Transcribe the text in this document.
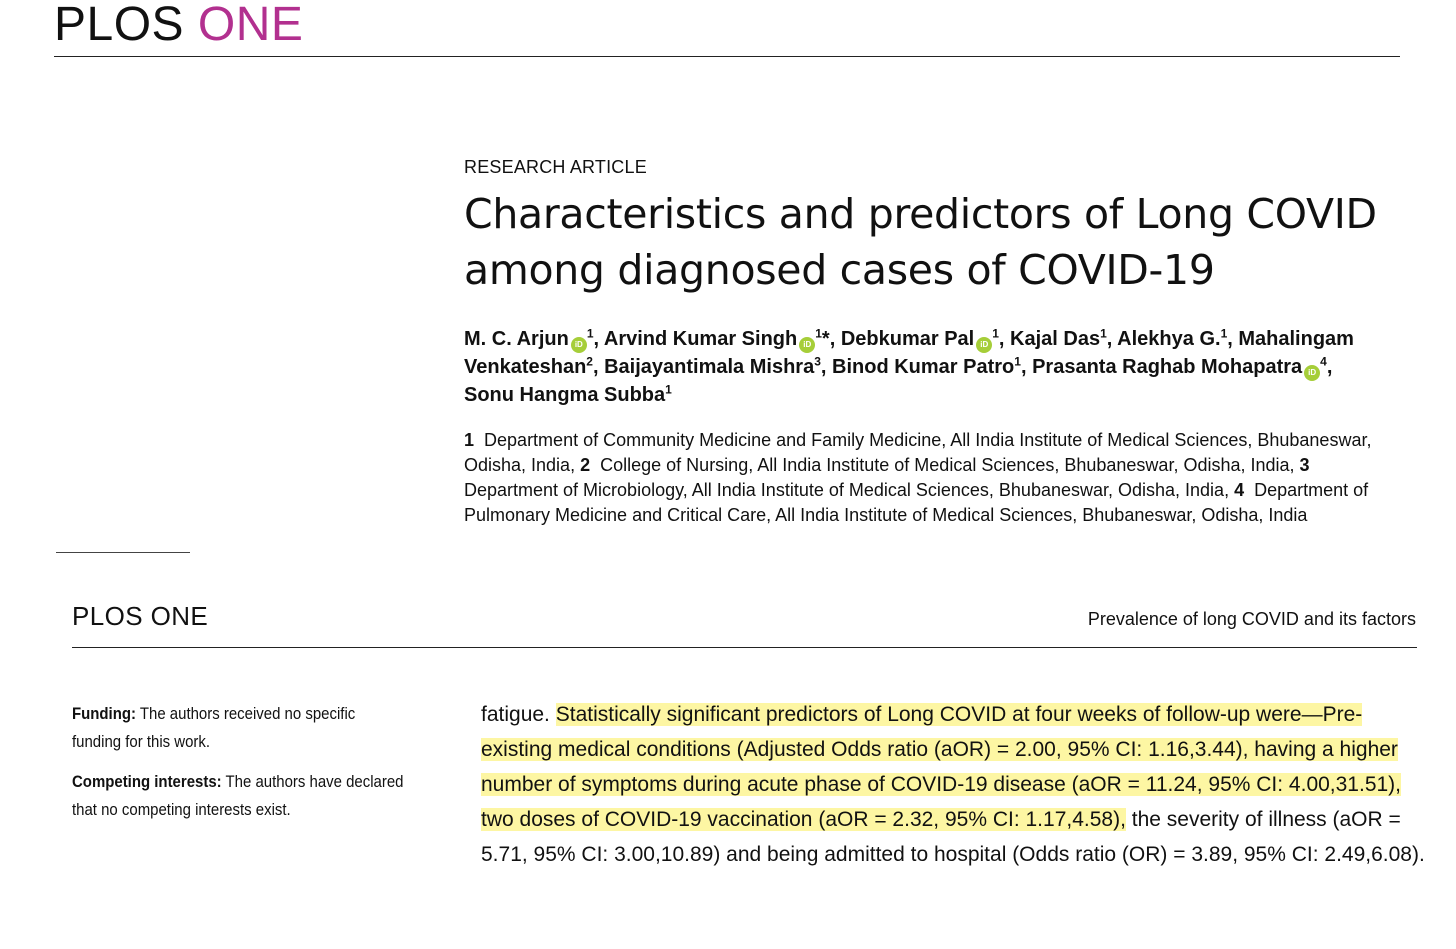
PLOS ONE
RESEARCH ARTICLE
Characteristics and predictors of Long COVID among diagnosed cases of COVID-19
M. C. Arjun $iD^1$, Arvind Kumar Singh $iD^1*$, Debkumar Pal $iD^1$, Kajal Das$^1$, Alekhya G.$^1$, Mahalingam Venkateshan$^2$, Baijayantimala Mishra$^3$, Binod Kumar Patro$^1$, Prasanta Raghab Mohapatra $iD^4$, Sonu Hangma Subba$^1$
1 Department of Community Medicine and Family Medicine, All India Institute of Medical Sciences, Bhubaneswar, Odisha, India, 2 College of Nursing, All India Institute of Medical Sciences, Bhubaneswar, Odisha, India, 3  Department of Microbiology, All India Institute of Medical Sciences, Bhubaneswar, Odisha, India, 4 Department of Pulmonary Medicine and Critical Care, All India Institute of Medical Sciences, Bhubaneswar, Odisha, India
PLOS ONE	Prevalence of long COVID and its factors
Funding: The authors received no specific funding for this work.
Competing interests: The authors have declared that no competing interests exist.
fatigue. Statistically significant predictors of Long COVID at four weeks of follow-up were—Pre-existing medical conditions (Adjusted Odds ratio (aOR) = 2.00, 95% CI: 1.16,3.44), having a higher number of symptoms during acute phase of COVID-19 disease (aOR = 11.24, 95% CI: 4.00,31.51), two doses of COVID-19 vaccination (aOR = 2.32, 95% CI: 1.17,4.58), the severity of illness (aOR = 5.71, 95% CI: 3.00,10.89) and being admitted to hospital (Odds ratio (OR) = 3.89, 95% CI: 2.49,6.08).
